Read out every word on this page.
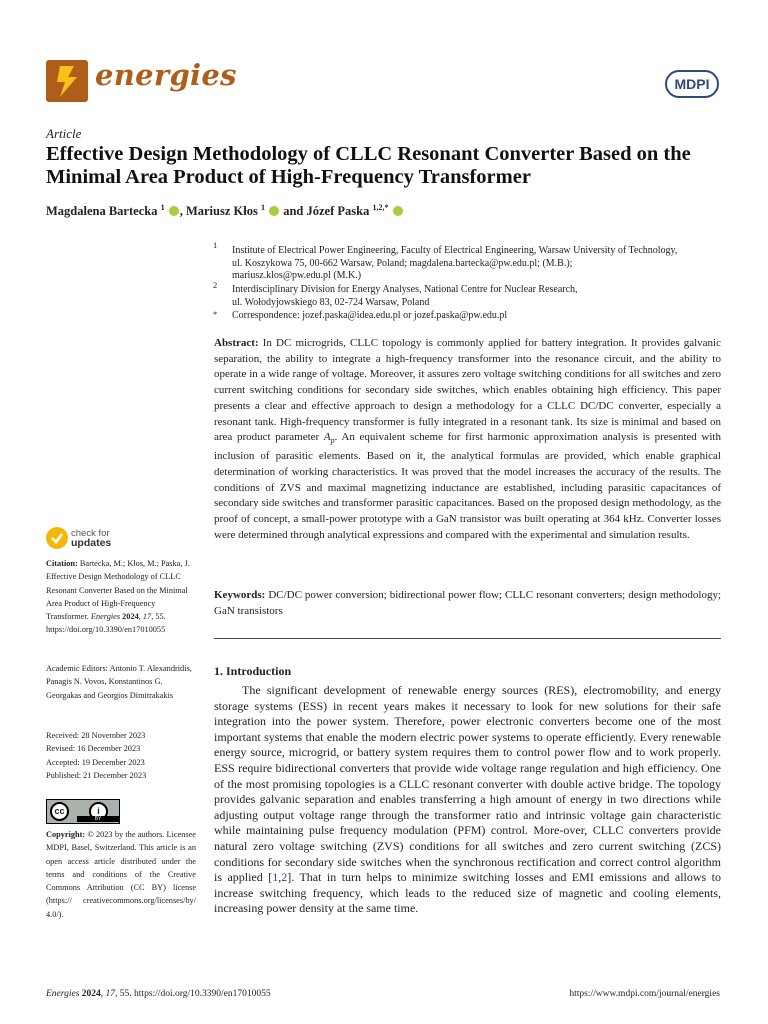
energies	MDPI
Article
Effective Design Methodology of CLLC Resonant Converter Based on the Minimal Area Product of High-Frequency Transformer
Magdalena Bartecka $^1$ , Mariusz Kłos $^1$  and Józef Paska $^{1,2,*}$
1 Institute of Electrical Power Engineering, Faculty of Electrical Engineering, Warsaw University of Technology,
ul. Koszykowa 75, 00-662 Warsaw, Poland; magdalena.bartecka@pw.edu.pl; (M.B.);
mariusz.klos@pw.edu.pl (M.K.)
2 Interdisciplinary Division for Energy Analyses, National Centre for Nuclear Research,
ul. Wołodyjowskiego 83, 02-724 Warsaw, Poland
* Correspondence: jozef.paska@idea.edu.pl or jozef.paska@pw.edu.pl
Abstract: In DC microgrids, CLLC topology is commonly applied for battery integration. It provides galvanic separation, the ability to integrate a high-frequency transformer into the resonance circuit, and the ability to operate in a wide range of voltage. Moreover, it assures zero voltage switching conditions for all switches and zero current switching conditions for secondary side switches, which enables obtaining high efficiency. This paper presents a clear and effective approach to design a methodology for a CLLC DC/DC converter, especially a resonant tank. High-frequency transformer is fully integrated in a resonant tank. Its size is minimal and based on area product parameter $A_p$. An equivalent scheme for first harmonic approximation analysis is presented with inclusion of parasitic elements. Based on it, the analytical formulas are provided, which enable graphical determination of working characteristics. It was proved that the model increases the accuracy of the results. The conditions of ZVS and maximal magnetizing inductance are established, including parasitic capacitances of secondary side switches and transformer parasitic capacitances. Based on the proposed design methodology, as the proof of concept, a small-power prototype with a GaN transistor was built operating at 364 kHz. Converter losses were determined through analytical expressions and compared with the experimental and simulation results.
Keywords: DC/DC power conversion; bidirectional power flow; CLLC resonant converters; design methodology; GaN transistors
1. Introduction

The significant development of renewable energy sources (RES), electromobility, and energy storage systems (ESS) in recent years makes it necessary to look for new solutions for their safe integration into the power system. Therefore, power electronic converters become one of the most important systems that enable the modern electric power systems to operate efficiently. Every renewable energy source, microgrid, or battery system requires them to control power flow and to work properly. ESS require bidirectional converters that provide wide voltage range regulation and high efficiency. One of the most promising topologies is a CLLC resonant converter with double active bridge. The topology provides galvanic separation and enables transferring a high amount of energy in two directions while adjusting output voltage range through the transformer ratio and intrinsic voltage gain characteristic while maintaining pulse frequency modulation (PFM) control. More-over, CLLC converters provide natural zero voltage switching (ZVS) conditions for all switches and zero current switching (ZCS) conditions for secondary side switches when the synchronous rectification and correct control algorithm is applied [1,2]. That in turn helps to minimize switching losses and EMI emissions and allows to increase switching frequency, which leads to the reduced size of magnetic and cooling elements, increasing power density at the same time.

check for
updates
Citation: Bartecka, M.; Kłos, M.; Paska, J. Effective Design Methodology of CLLC Resonant Converter Based on the Minimal Area Product of High-Frequency Transformer. Energies 2024, 17, 55. https://doi.org/10.3390/en17010055
Academic Editors: Antonio T. Alexandridis, Panagis N. Vovos, Konstantinos G. Georgakas and Georgios Dimitrakakis
Received: 28 November 2023
Revised: 16 December 2023
Accepted: 19 December 2023
Published: 21 December 2023
cc	i
BY
Copyright: © 2023 by the authors. Licensee MDPI, Basel, Switzerland. This article is an open access article distributed under the terms and conditions of the Creative Commons Attribution (CC BY) license (https:// creativecommons.org/licenses/by/ 4.0/).
Energies 2024, 17, 55. https://doi.org/10.3390/en17010055	https://www.mdpi.com/journal/energies
